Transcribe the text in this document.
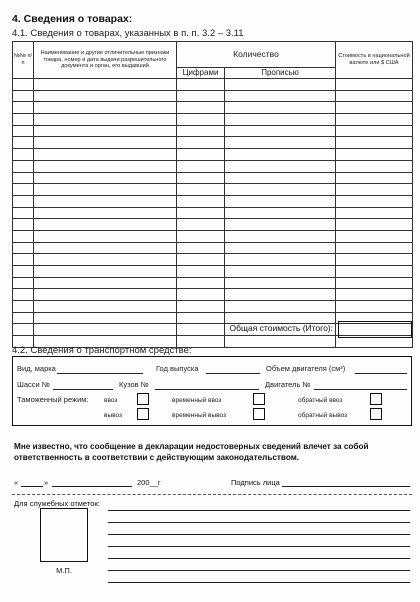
4. Сведения о товарах:
4.1. Сведения о товарах, указанных в п. п. 3.2 – 3.11
№№ п/п	Наименование и другие отличительные признаки товара, номер и дата выдачи разрешительного документа и орган, его выдавший	Количество		Стоимость в национальной валюте или $ США
		Цифрами	Прописью	

Общая стоимость (Итого):
4.2. Сведения о транспортном средстве:
Вид, марка	Год выпуска	Объем двигателя (см³)
Шасси №	Кузов №	Двигатель №
Таможенный режим: ввоз	временный ввоз	обратный ввоз
вывоз	временный вывоз	обратный вывоз
Мне известно, что сообщение в декларации недостоверных сведений влечет за собой ответственность в соответствии с действующим законодательством.
«	»	200__г	Подпись лица
Для служебных отметок:
М.П.
